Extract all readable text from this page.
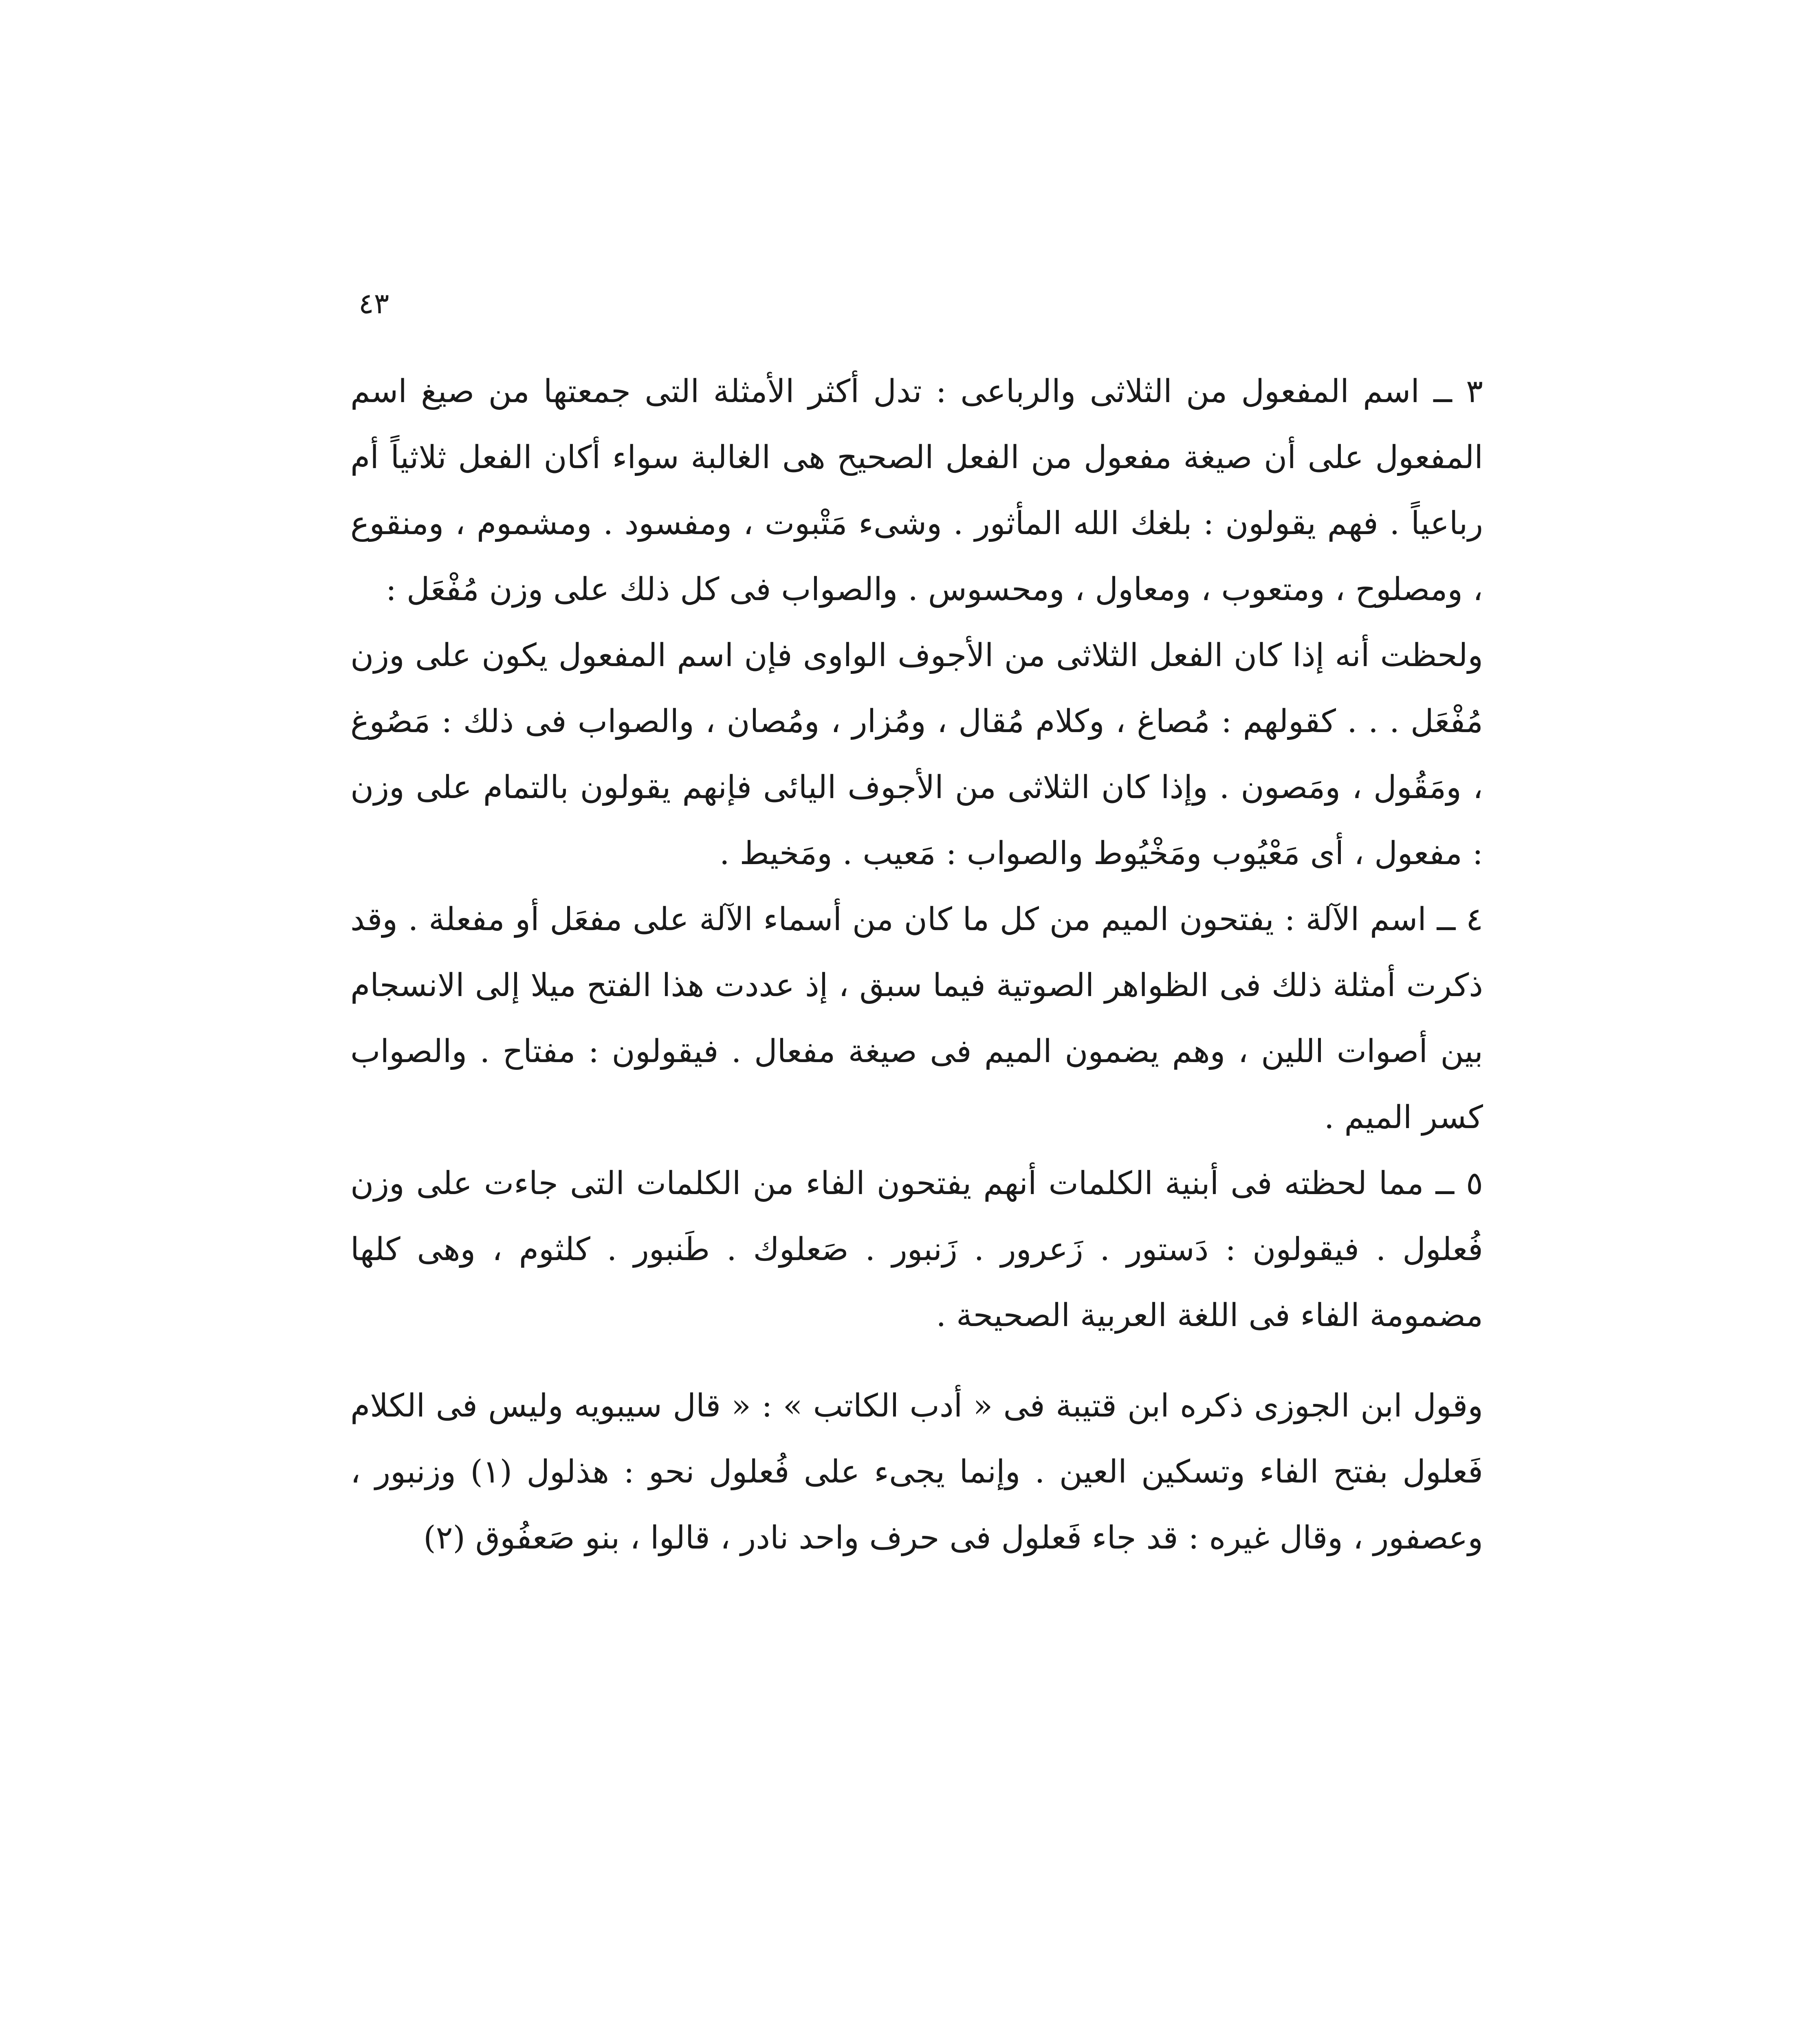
٤٣

٣ ــ اسم المفعول من الثلاثى والرباعى : تدل أكثر الأمثلة التى جمعتها من صيغ اسم المفعول على أن صيغة مفعول من الفعل الصحيح هى الغالبة سواء أكان الفعل ثلاثياً أم رباعياً . فهم يقولون : بلغك الله المأثور . وشىء مَتْبوت ، ومفسود . ومشموم ، ومنقوع ، ومصلوح ، ومتعوب ، ومعاول ، ومحسوس . والصواب فى كل ذلك على وزن مُفْعَل :

ولحظت أنه إذا كان الفعل الثلاثى من الأجوف الواوى فإن اسم المفعول يكون على وزن مُفْعَل . . . كقولهم : مُصاغ ، وكلام مُقال ، ومُزار ، ومُصان ، والصواب فى ذلك : مَصُوغ ، ومَقُول ، ومَصون . وإذا كان الثلاثى من الأجوف اليائى فإنهم يقولون بالتمام على وزن : مفعول ، أى مَعْيُوب ومَخْيُوط والصواب : مَعيب . ومَخيط .

٤ ــ اسم الآلة : يفتحون الميم من كل ما كان من أسماء الآلة على مفعَل أو مفعلة . وقد ذكرت أمثلة ذلك فى الظواهر الصوتية فيما سبق ، إذ عددت هذا الفتح ميلا إلى الانسجام بين أصوات اللين ، وهم يضمون الميم فى صيغة مفعال . فيقولون : مفتاح . والصواب كسر الميم .

٥ ــ مما لحظته فى أبنية الكلمات أنهم يفتحون الفاء من الكلمات التى جاءت على وزن فُعلول . فيقولون : دَستور . زَعرور . زَنبور . صَعلوك . طَنبور . كلثوم ، وهى كلها مضمومة الفاء فى اللغة العربية الصحيحة .

وقول ابن الجوزى ذكره ابن قتيبة فى « أدب الكاتب » : « قال سيبويه وليس فى الكلام فَعلول بفتح الفاء وتسكين العين . وإنما يجىء على فُعلول نحو : هذلول (١) وزنبور ، وعصفور ، وقال غيره : قد جاء فَعلول فى حرف واحد نادر ، قالوا ، بنو صَعفُوق (٢)
